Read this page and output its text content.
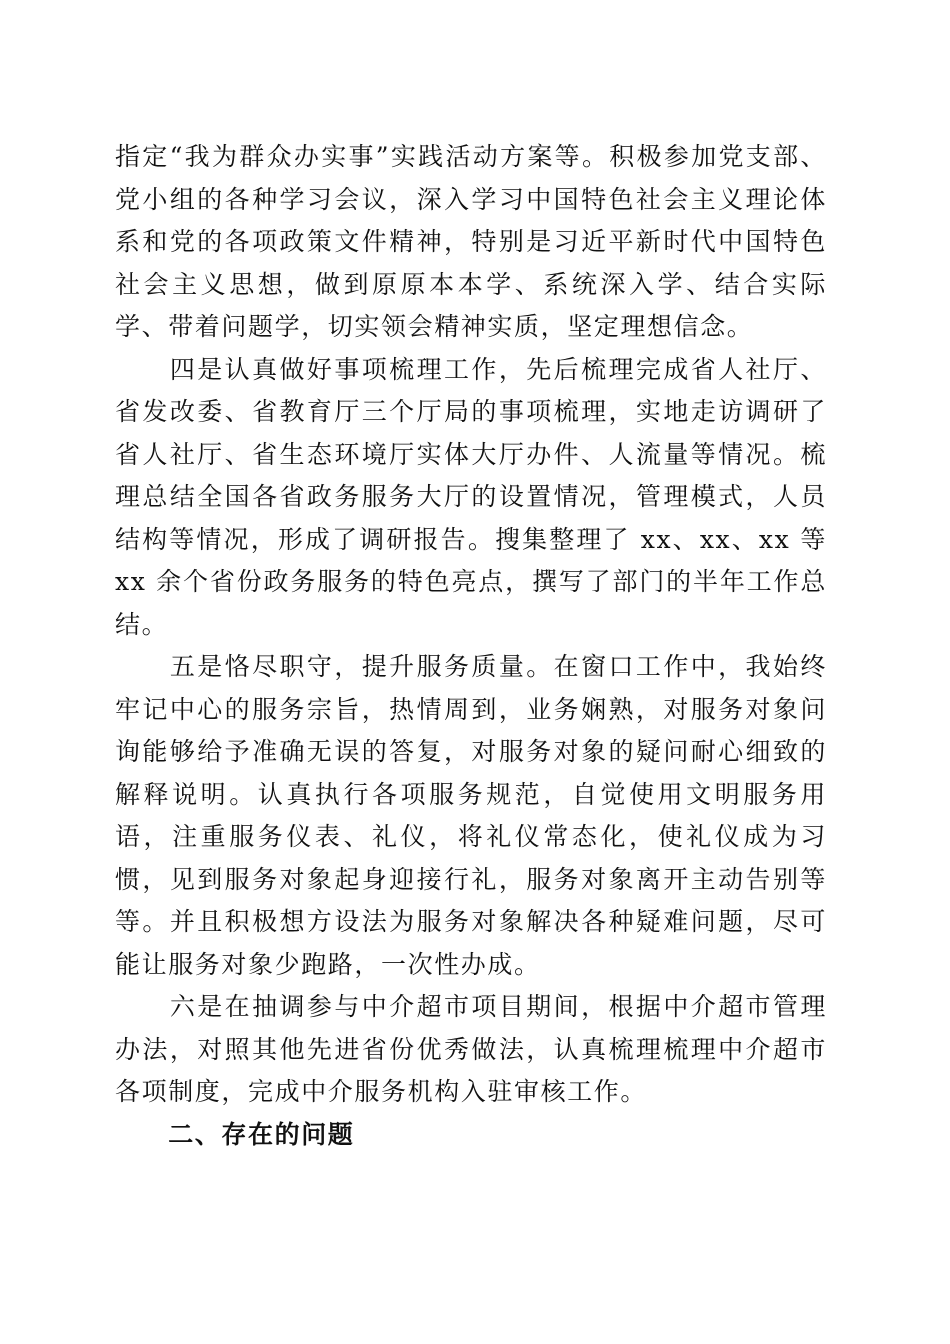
指定“我为群众办实事”实践活动方案等。积极参加党支部、党小组的各种学习会议，深入学习中国特色社会主义理论体系和党的各项政策文件精神，特别是习近平新时代中国特色社会主义思想，做到原原本本学、系统深入学、结合实际学、带着问题学，切实领会精神实质，坚定理想信念。

　　四是认真做好事项梳理工作，先后梳理完成省人社厅、省发改委、省教育厅三个厅局的事项梳理，实地走访调研了省人社厅、省生态环境厅实体大厅办件、人流量等情况。梳理总结全国各省政务服务大厅的设置情况，管理模式，人员结构等情况，形成了调研报告。搜集整理了 xx、xx、xx 等 xx 余个省份政务服务的特色亮点，撰写了部门的半年工作总结。

　　五是恪尽职守，提升服务质量。在窗口工作中，我始终牢记中心的服务宗旨，热情周到，业务娴熟，对服务对象问询能够给予准确无误的答复，对服务对象的疑问耐心细致的解释说明。认真执行各项服务规范，自觉使用文明服务用语，注重服务仪表、礼仪，将礼仪常态化，使礼仪成为习惯，见到服务对象起身迎接行礼，服务对象离开主动告别等等。并且积极想方设法为服务对象解决各种疑难问题，尽可能让服务对象少跑路，一次性办成。

　　六是在抽调参与中介超市项目期间，根据中介超市管理办法，对照其他先进省份优秀做法，认真梳理梳理中介超市各项制度，完成中介服务机构入驻审核工作。

　　二、存在的问题
